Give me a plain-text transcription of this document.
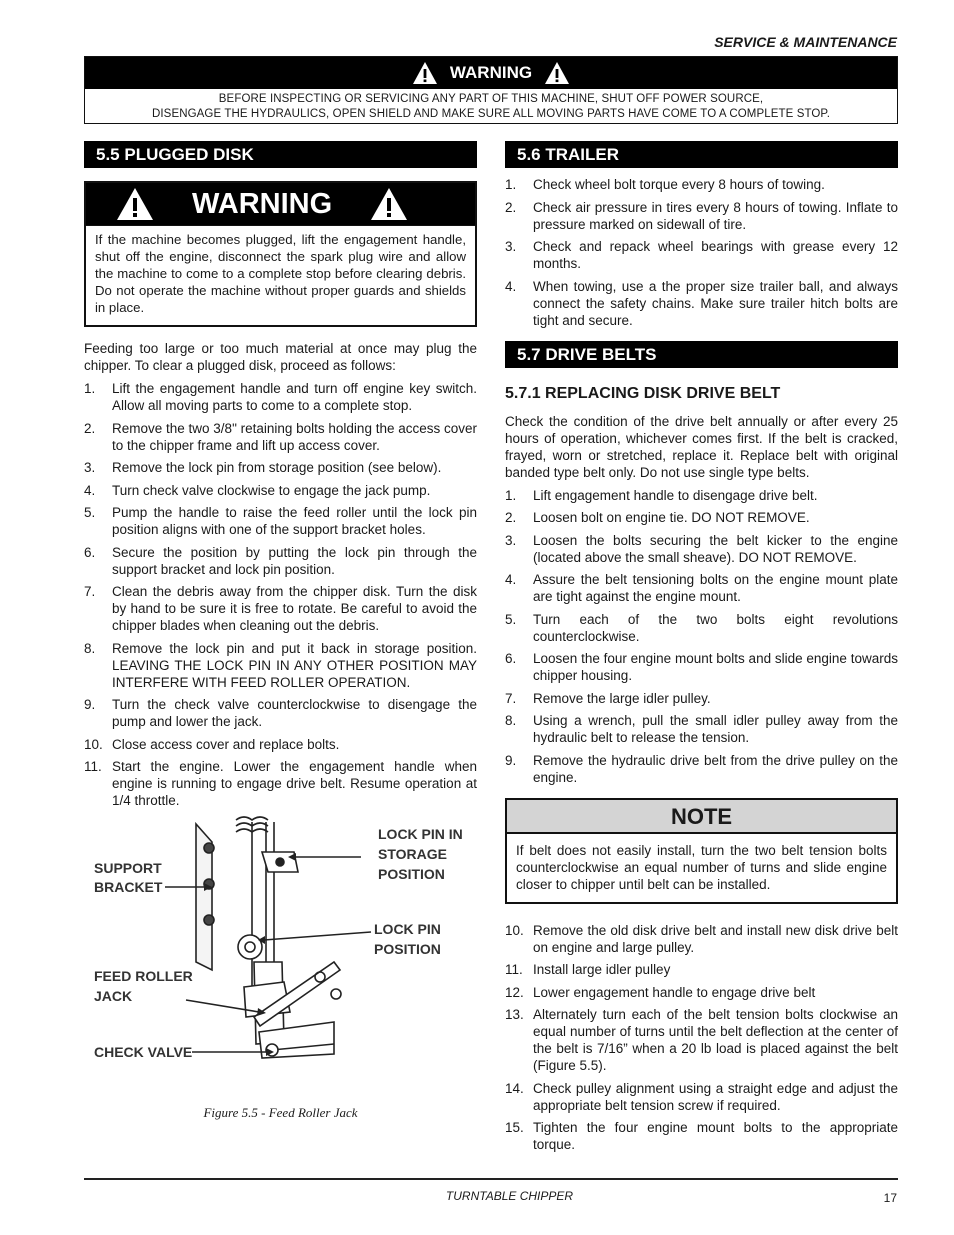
SERVICE & MAINTENANCE
WARNING
BEFORE INSPECTING OR SERVICING ANY PART OF THIS MACHINE, SHUT OFF POWER SOURCE,
DISENGAGE THE HYDRAULICS, OPEN SHIELD AND MAKE SURE ALL MOVING PARTS HAVE COME TO A COMPLETE STOP.
5.5 PLUGGED DISK
WARNING
If the machine becomes plugged, lift the engagement handle, shut off the engine, disconnect the spark plug wire and allow the machine to come to a complete stop before clearing debris. Do not operate the machine without proper guards and shields in place.

Feeding too large or too much material at once may plug the chipper. To clear a plugged disk, proceed as follows:

1.	Lift the engagement handle and turn off engine key switch. Allow all moving parts to come to a complete stop.
2.	Remove the two 3/8" retaining bolts holding the access cover to the chipper frame and lift up access cover.
3.	Remove the lock pin from storage position (see below).
4.	Turn check valve clockwise to engage the jack pump.
5.	Pump the handle to raise the feed roller until the lock pin position aligns with one of the support bracket holes.
6.	Secure the position by putting the lock pin through the support bracket and lock pin position.
7.	Clean the debris away from the chipper disk. Turn the disk by hand to be sure it is free to rotate. Be careful to avoid the chipper blades when cleaning out the debris.
8.	Remove the lock pin and put it back in storage position. LEAVING THE LOCK PIN IN ANY OTHER POSITION MAY INTERFERE WITH FEED ROLLER OPERATION.
9.	Turn the check valve counterclockwise to disengage the pump and lower the jack.
10. Close access cover and replace bolts.
11. Start the engine. Lower the engagement handle when engine is running to engage drive belt. Resume operation at 1/4 throttle.
SUPPORT
BRACKET
LOCK PIN IN
STORAGE
POSITION
LOCK PIN
POSITION
FEED ROLLER
JACK
CHECK VALVE
Figure 5.5 - Feed Roller Jack
5.6 TRAILER
1.	Check wheel bolt torque every 8 hours of towing.
2.	Check air pressure in tires every 8 hours of towing. Inflate to pressure marked on sidewall of tire.
3.	Check and repack wheel bearings with grease every 12 months.
4.	When towing, use a the proper size trailer ball, and always connect the safety chains. Make sure trailer hitch bolts are tight and secure.
5.7 DRIVE BELTS
5.7.1 REPLACING DISK DRIVE BELT

Check the condition of the drive belt annually or after every 25 hours of operation, whichever comes first. If the belt is cracked, frayed, worn or stretched, replace it. Replace belt with original banded type belt only. Do not use single type belts.

1.	Lift engagement handle to disengage drive belt.
2.	Loosen bolt on engine tie. DO NOT REMOVE.
3.	Loosen the bolts securing the belt kicker to the engine (located above the small sheave). DO NOT REMOVE.
4.	Assure the belt tensioning bolts on the engine mount plate are tight against the engine mount.
5.	Turn each of the two bolts eight revolutions counterclockwise.
6.	Loosen the four engine mount bolts and slide engine towards chipper housing.
7.	Remove the large idler pulley.
8.	Using a wrench, pull the small idler pulley away from the hydraulic belt to release the tension.
9.	Remove the hydraulic drive belt from the drive pulley on the engine.
NOTE
If belt does not easily install, turn the two belt tension bolts counterclockwise an equal number of turns and slide engine closer to chipper until belt can be installed.
10. Remove the old disk drive belt and install new disk drive belt on engine and large pulley.
11. Install large idler pulley
12. Lower engagement handle to engage drive belt
13. Alternately turn each of the belt tension bolts clockwise an equal number of turns until the belt deflection at the center of the belt is 7/16” when a 20 lb load is placed against the belt (Figure 5.5).
14. Check pulley alignment using a straight edge and adjust the appropriate belt tension screw if required.
15. Tighten the four engine mount bolts to the appropriate torque.
TURNTABLE CHIPPER	17
